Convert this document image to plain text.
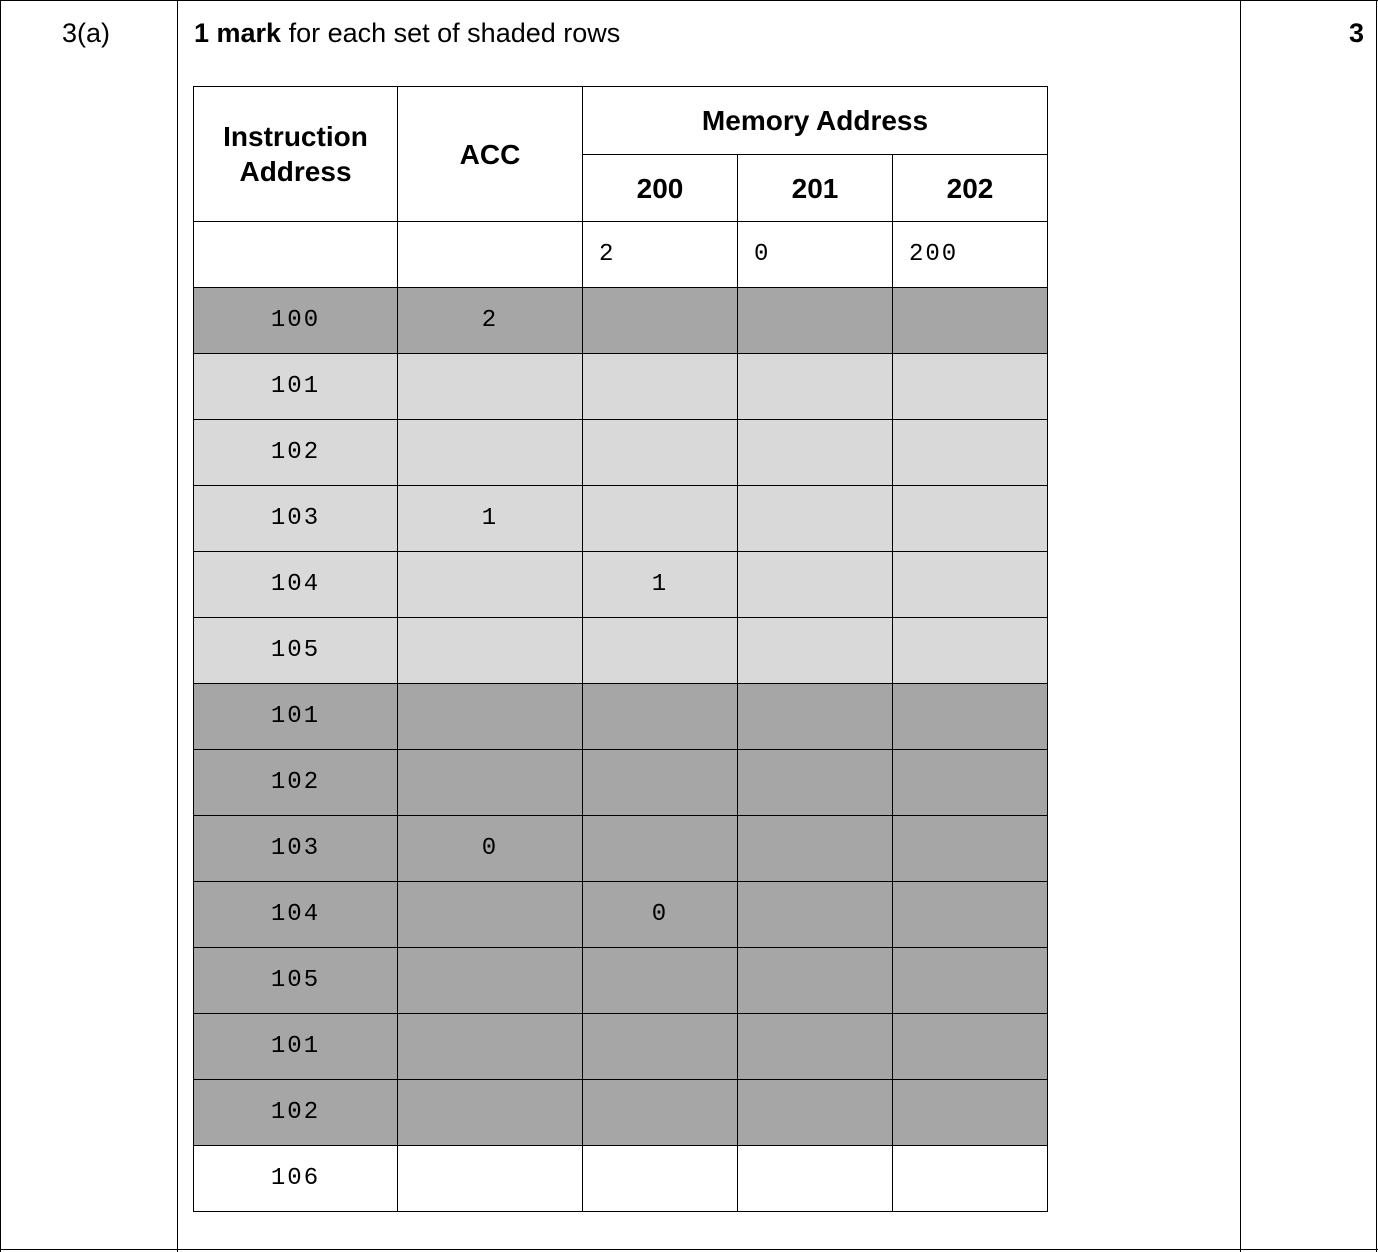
3(a)	1 mark for each set of shaded rows	3
Instruction Address	ACC	Memory Address		
		200	201	202
		2	0	200
100	2			
101				
102				
103	1			
104		1		
105				
101				
102				
103	0			
104		0		
105				
101				
102				
106				
